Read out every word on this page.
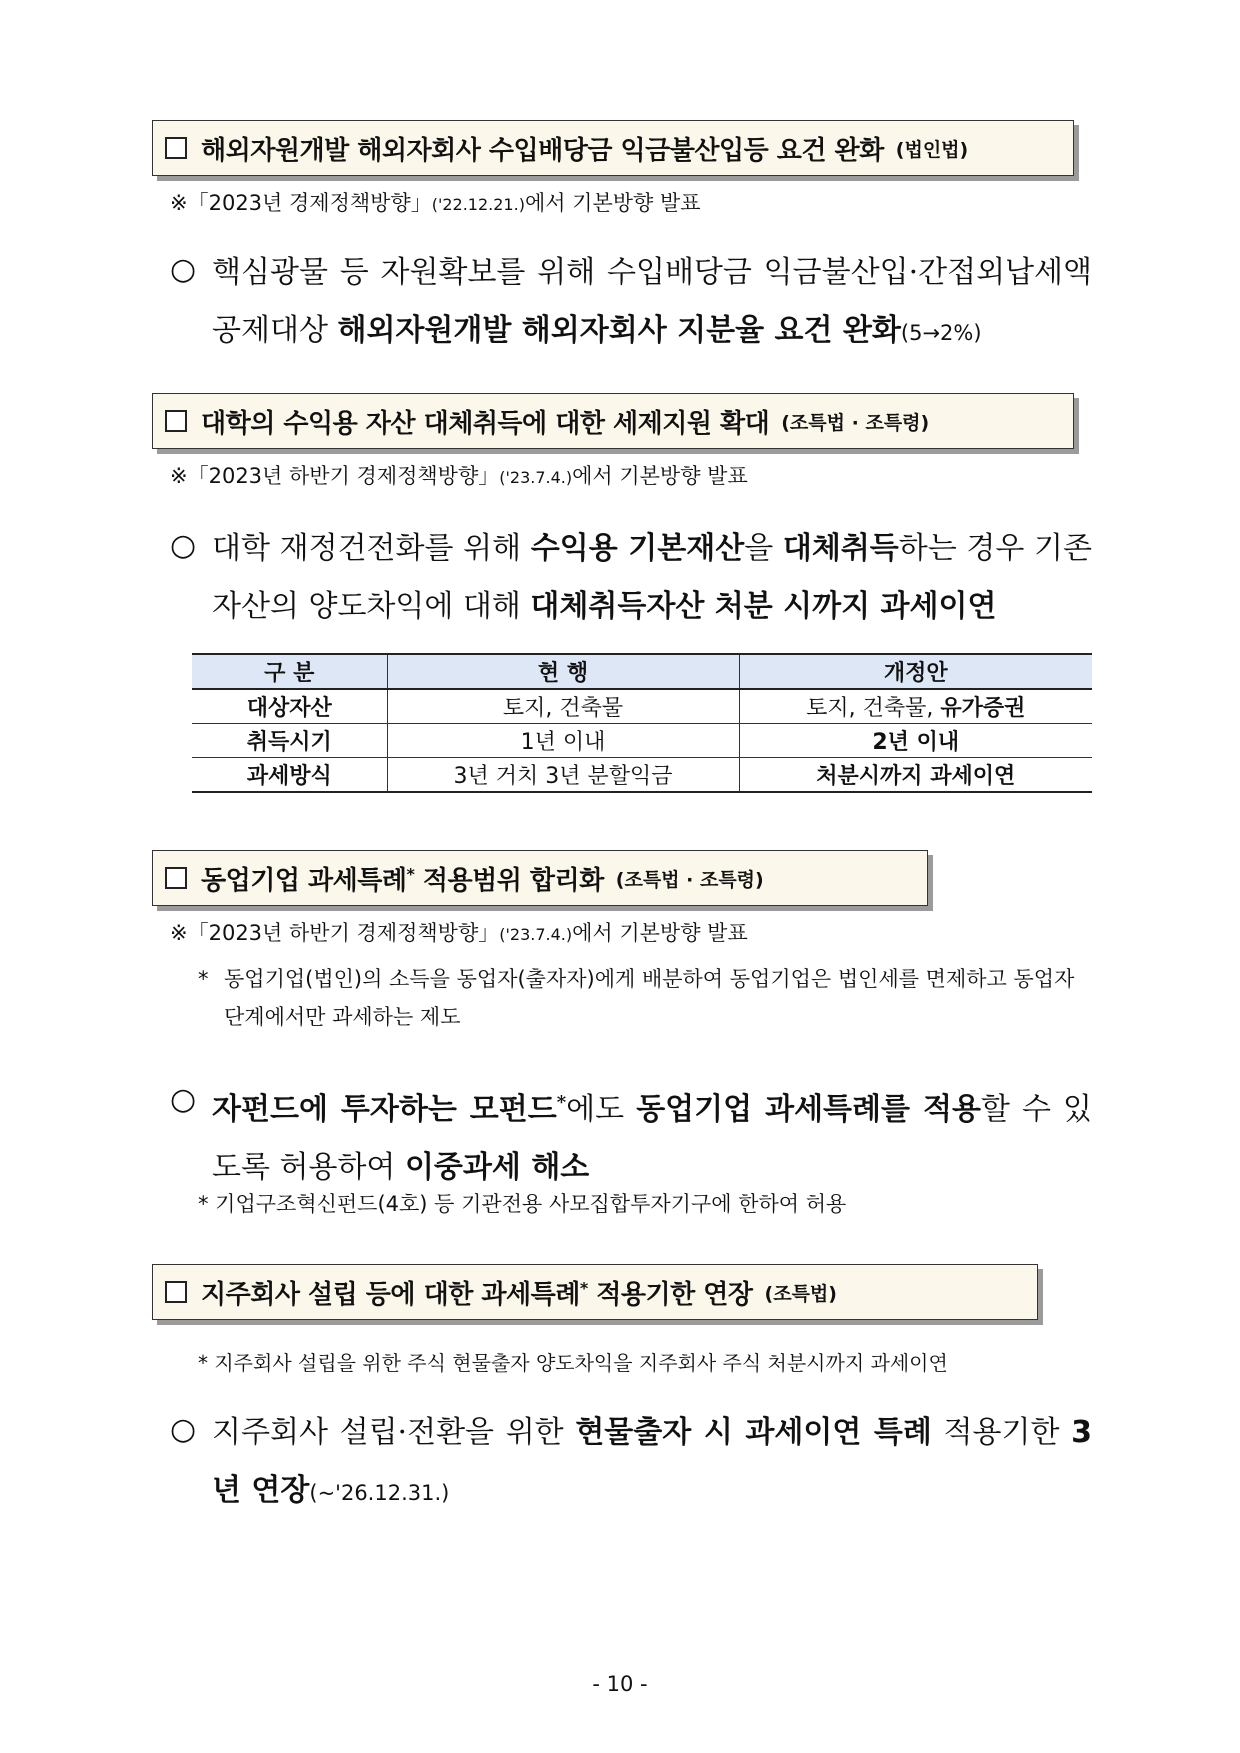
해외자원개발 해외자회사 수입배당금 익금불산입등 요건 완화 (법인법)
※「2023년 경제정책방향」('22.12.21.)에서 기본방향 발표
○ 핵심광물 등 자원확보를 위해 수입배당금 익금불산입·간접외납세액 공제대상 해외자원개발 해외자회사 지분율 요건 완화(5→2%)
대학의 수익용 자산 대체취득에 대한 세제지원 확대 (조특법 · 조특령)
※「2023년 하반기 경제정책방향」('23.7.4.)에서 기본방향 발표
○ 대학 재정건전화를 위해 수익용 기본재산을 대체취득하는 경우 기존 자산의 양도차익에 대해 대체취득자산 처분 시까지 과세이연
구 분	현 행	개정안
대상자산	토지, 건축물	토지, 건축물, 유가증권
취득시기	1년 이내	2년 이내
과세방식	3년 거치 3년 분할익금	처분시까지 과세이연
동업기업 과세특례* 적용범위 합리화 (조특법 · 조특령)
※「2023년 하반기 경제정책방향」('23.7.4.)에서 기본방향 발표
* 동업기업(법인)의 소득을 동업자(출자자)에게 배분하여 동업기업은 법인세를 면제하고 동업자 단계에서만 과세하는 제도
○ 자펀드에 투자하는 모펀드*에도 동업기업 과세특례를 적용할 수 있도록 허용하여 이중과세 해소
* 기업구조혁신펀드(4호) 등 기관전용 사모집합투자기구에 한하여 허용
지주회사 설립 등에 대한 과세특례* 적용기한 연장 (조특법)
* 지주회사 설립을 위한 주식 현물출자 양도차익을 지주회사 주식 처분시까지 과세이연
○ 지주회사 설립·전환을 위한 현물출자 시 과세이연 특례 적용기한 3년 연장(~'26.12.31.)
- 10 -
